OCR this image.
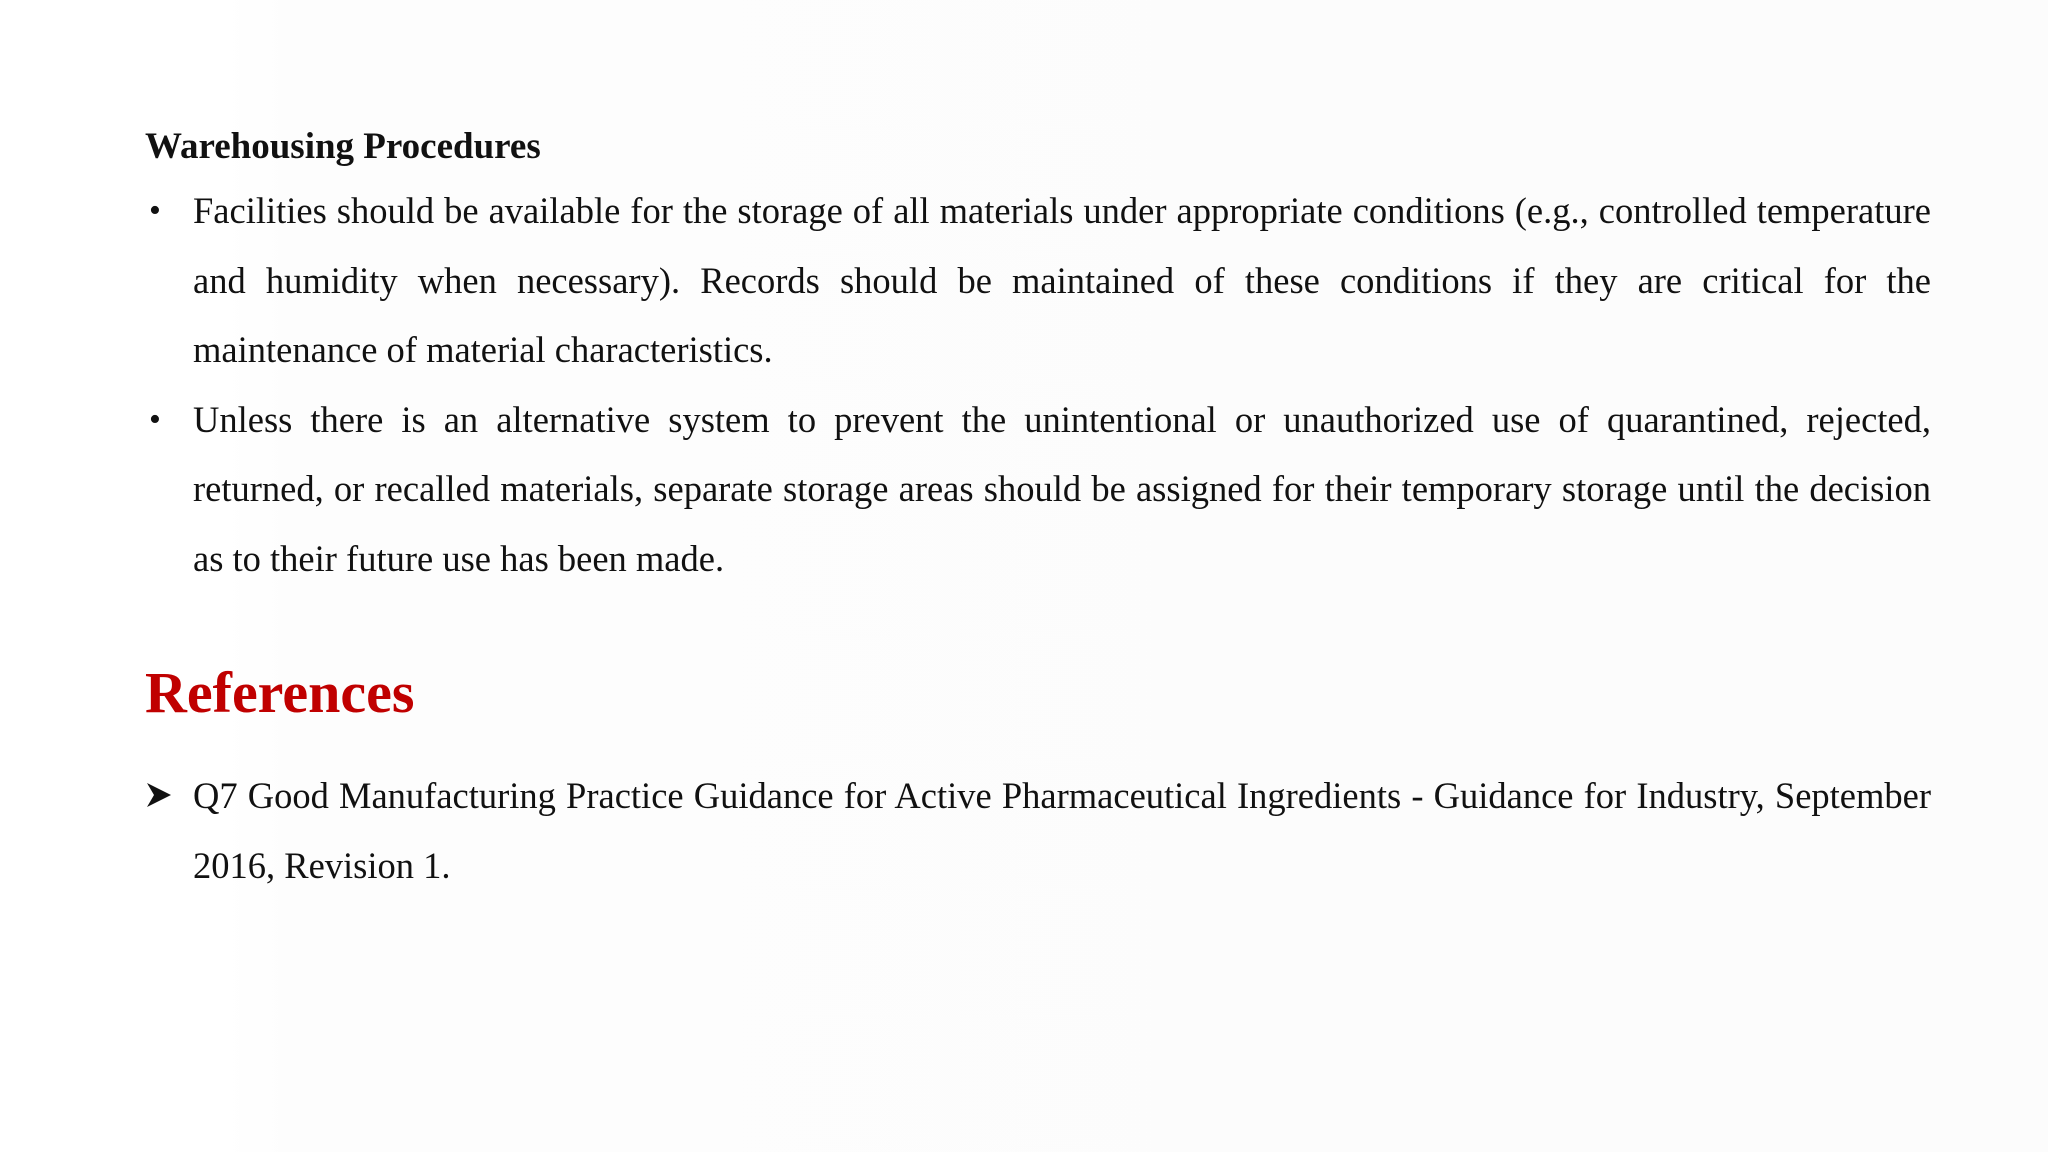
Warehousing Procedures
• Facilities should be available for the storage of all materials under appropriate conditions (e.g., controlled temperature and humidity when necessary). Records should be maintained of these conditions if they are critical for the maintenance of material characteristics.
• Unless there is an alternative system to prevent the unintentional or unauthorized use of quarantined, rejected, returned, or recalled materials, separate storage areas should be assigned for their temporary storage until the decision as to their future use has been made.
References
Q7 Good Manufacturing Practice Guidance for Active Pharmaceutical Ingredients - Guidance for Industry, September 2016, Revision 1.
